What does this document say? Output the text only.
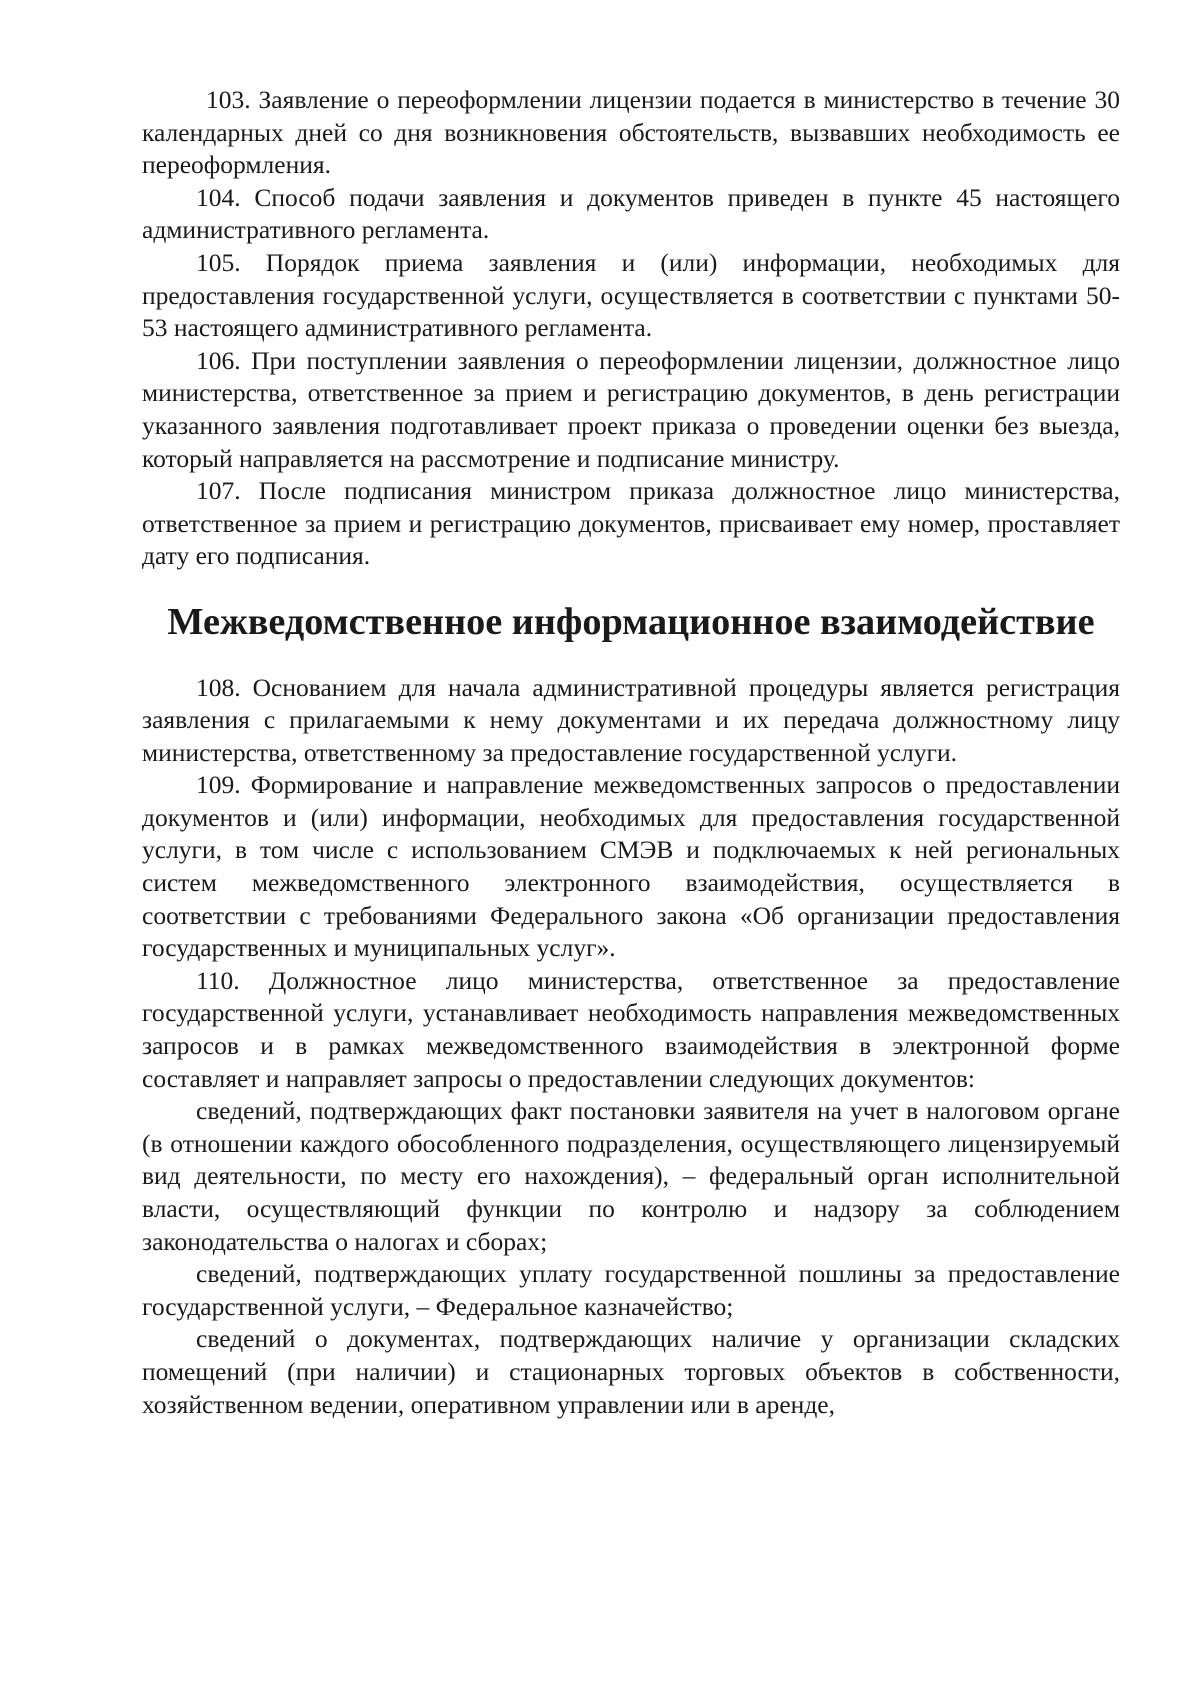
103. Заявление о переоформлении лицензии подается в министерство в течение 30 календарных дней со дня возникновения обстоятельств, вызвавших необходимость ее переоформления.

104. Способ подачи заявления и документов приведен в пункте 45 настоящего административного регламента.

105. Порядок приема заявления и (или) информации, необходимых для предоставления государственной услуги, осуществляется в соответствии с пунктами 50-53 настоящего административного регламента.

106. При поступлении заявления о переоформлении лицензии, должностное лицо министерства, ответственное за прием и регистрацию документов, в день регистрации указанного заявления подготавливает проект приказа о проведении оценки без выезда, который направляется на рассмотрение и подписание министру.

107. После подписания министром приказа должностное лицо министерства, ответственное за прием и регистрацию документов, присваивает ему номер, проставляет дату его подписания.

Межведомственное информационное взаимодействие

108. Основанием для начала административной процедуры является регистрация заявления с прилагаемыми к нему документами и их передача должностному лицу министерства, ответственному за предоставление государственной услуги.

109. Формирование и направление межведомственных запросов о предоставлении документов и (или) информации, необходимых для предоставления государственной услуги, в том числе с использованием СМЭВ и подключаемых к ней региональных систем межведомственного электронного взаимодействия, осуществляется в соответствии с требованиями Федерального закона «Об организации предоставления государственных и муниципальных услуг».

110. Должностное лицо министерства, ответственное за предоставление государственной услуги, устанавливает необходимость направления межведомственных запросов и в рамках межведомственного взаимодействия в электронной форме составляет и направляет запросы о предоставлении следующих документов:

сведений, подтверждающих факт постановки заявителя на учет в налоговом органе (в отношении каждого обособленного подразделения, осуществляющего лицензируемый вид деятельности, по месту его нахождения), – федеральный орган исполнительной власти, осуществляющий функции по контролю и надзору за соблюдением законодательства о налогах и сборах;

сведений, подтверждающих уплату государственной пошлины за предоставление государственной услуги, – Федеральное казначейство;

сведений о документах, подтверждающих наличие у организации складских помещений (при наличии) и стационарных торговых объектов в собственности, хозяйственном ведении, оперативном управлении или в аренде,
